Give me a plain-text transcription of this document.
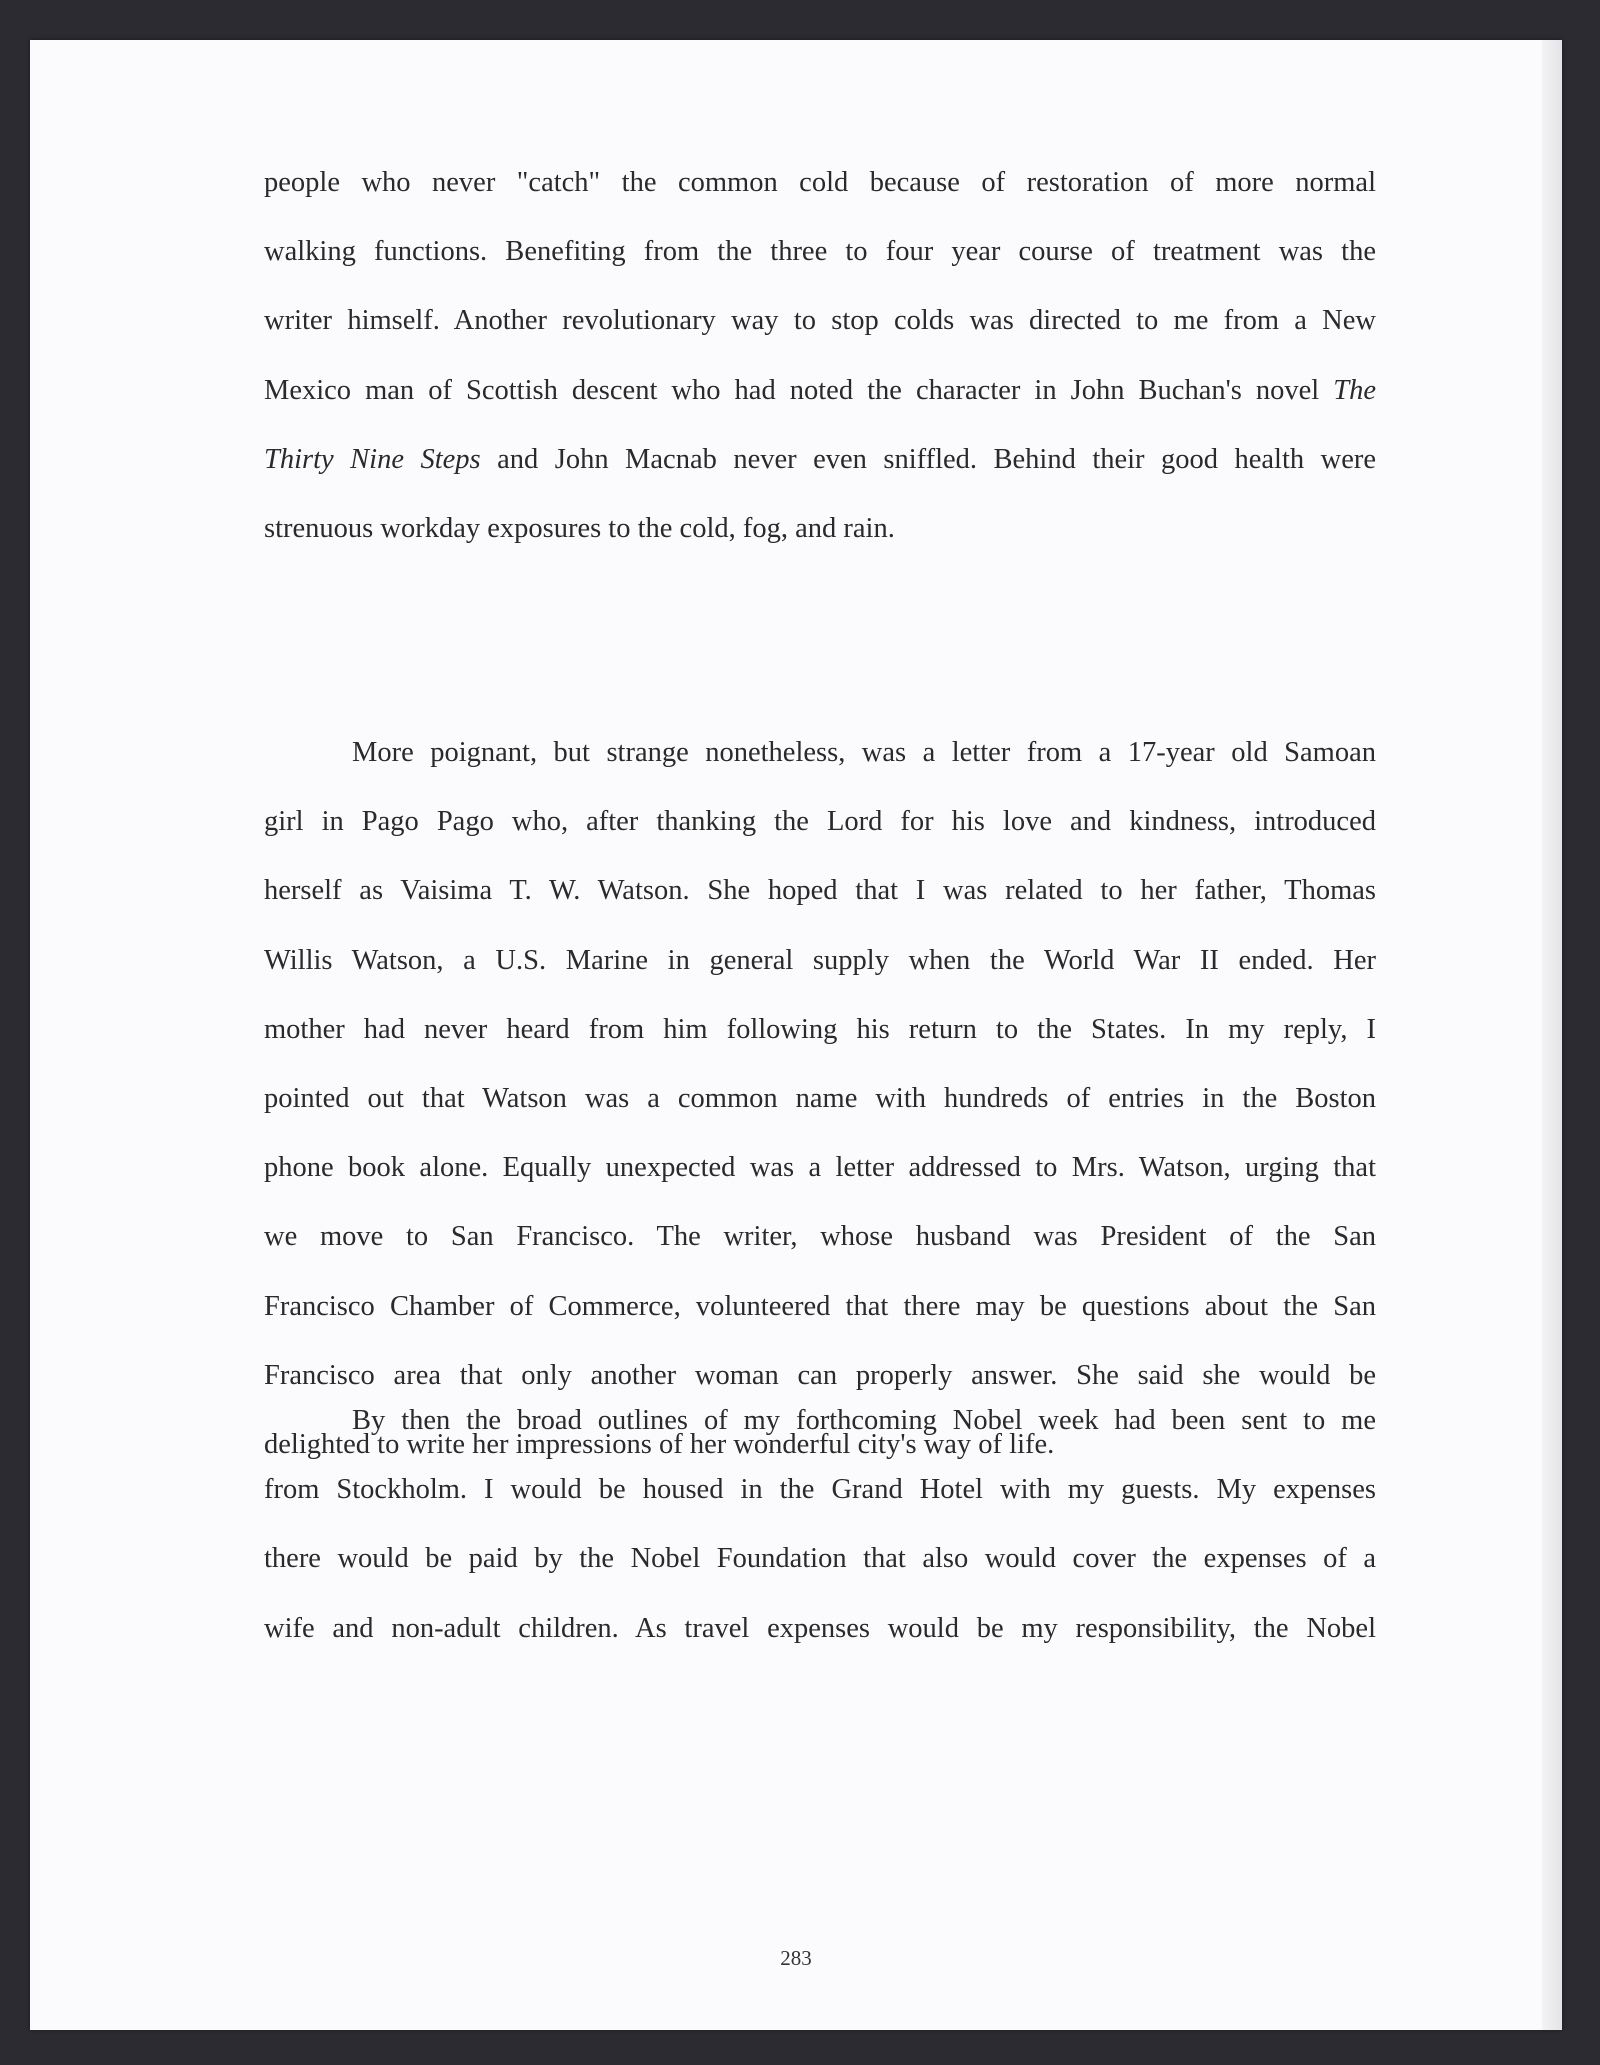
people who never "catch" the common cold because of restoration of more normal
walking functions. Benefiting from the three to four year course of treatment was the
writer himself. Another revolutionary way to stop colds was directed to me from a New
Mexico man of Scottish descent who had noted the character in John Buchan's novel The
Thirty Nine Steps and John Macnab never even sniffled. Behind their good health were
strenuous workday exposures to the cold, fog, and rain.
More poignant, but strange nonetheless, was a letter from a 17-year old Samoan
girl in Pago Pago who, after thanking the Lord for his love and kindness, introduced
herself as Vaisima T. W. Watson. She hoped that I was related to her father, Thomas
Willis Watson, a U.S. Marine in general supply when the World War II ended. Her
mother had never heard from him following his return to the States. In my reply, I
pointed out that Watson was a common name with hundreds of entries in the Boston
phone book alone. Equally unexpected was a letter addressed to Mrs. Watson, urging that
we move to San Francisco. The writer, whose husband was President of the San
Francisco Chamber of Commerce, volunteered that there may be questions about the San
Francisco area that only another woman can properly answer. She said she would be
delighted to write her impressions of her wonderful city's way of life.
By then the broad outlines of my forthcoming Nobel week had been sent to me
from Stockholm. I would be housed in the Grand Hotel with my guests. My expenses
there would be paid by the Nobel Foundation that also would cover the expenses of a
wife and non-adult children. As travel expenses would be my responsibility, the Nobel
283
